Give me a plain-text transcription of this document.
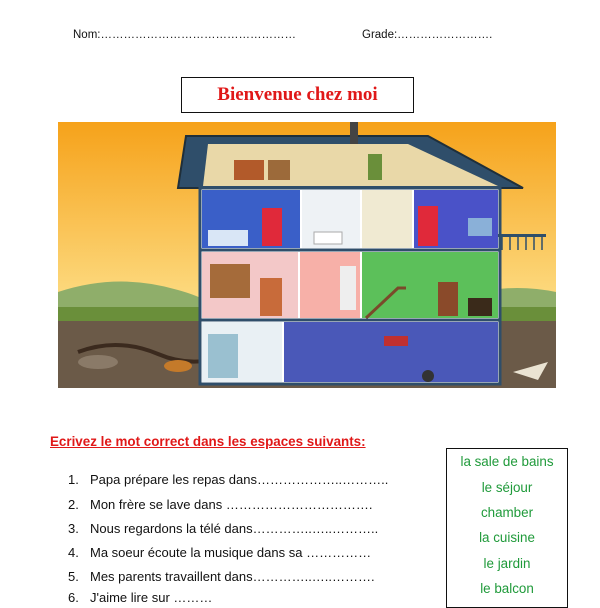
Nom:……………………………………………	Grade:…………………….
Bienvenue chez moi
Ecrivez le mot correct dans les espaces suivants:
1. Papa prépare les repas dans………………..………..
2. Mon frère se lave dans …………………………….
3. Nous regardons la télé dans…………..…..………..
4. Ma soeur écoute la musique dans sa ……………
5. Mes parents travaillent dans…………..…..……….
6. J'aime lire sur ………
la sale de bains
le séjour
chamber
la cuisine
le jardin
le balcon
